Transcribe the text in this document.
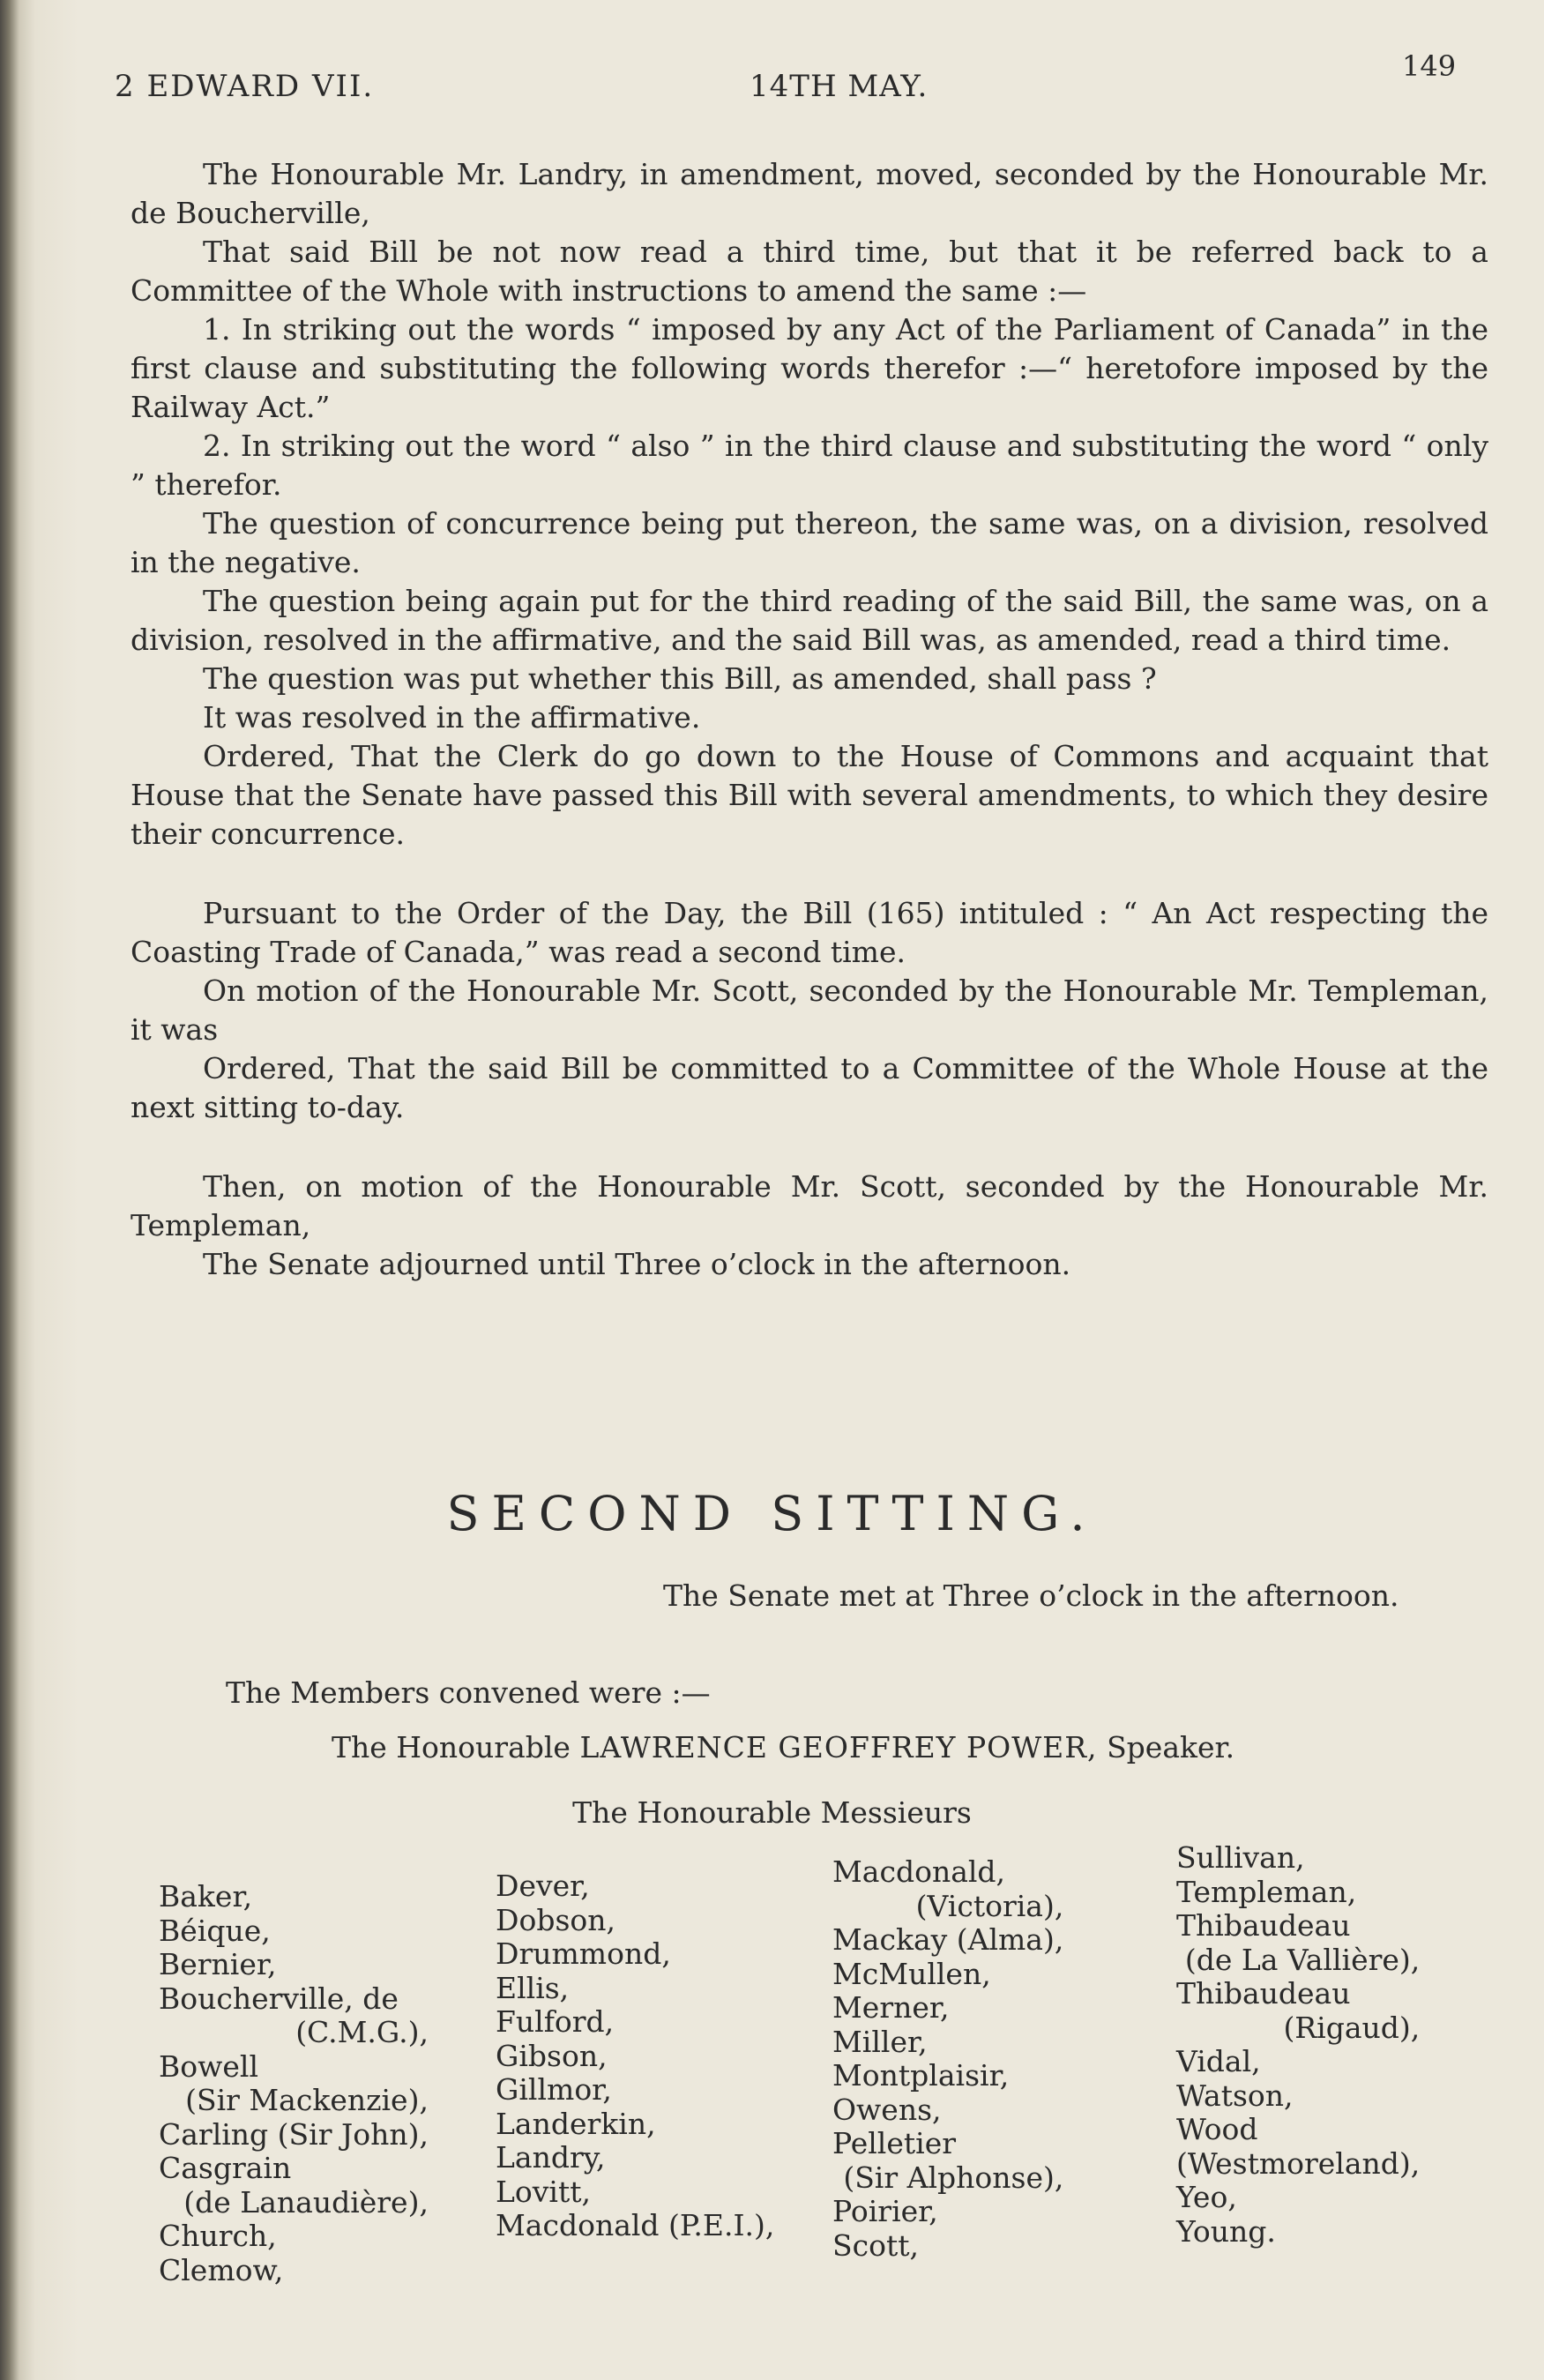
2 EDWARD VII.	14TH MAY.
149

The Honourable Mr. Landry, in amendment, moved, seconded by the Honourable Mr. de Boucherville,

That said Bill be not now read a third time, but that it be referred back to a Committee of the Whole with instructions to amend the same :—

1. In striking out the words “ imposed by any Act of the Parliament of Canada” in the first clause and substituting the following words therefor :—“ heretofore imposed by the Railway Act.”

2. In striking out the word “ also ” in the third clause and substituting the word “ only ” therefor.

The question of concurrence being put thereon, the same was, on a division, resolved in the negative.

The question being again put for the third reading of the said Bill, the same was, on a division, resolved in the affirmative, and the said Bill was, as amended, read a third time.

The question was put whether this Bill, as amended, shall pass ?

It was resolved in the affirmative.

Ordered, That the Clerk do go down to the House of Commons and acquaint that House that the Senate have passed this Bill with several amendments, to which they desire their concurrence.

Pursuant to the Order of the Day, the Bill (165) intituled : “ An Act respecting the Coasting Trade of Canada,” was read a second time.

On motion of the Honourable Mr. Scott, seconded by the Honourable Mr. Templeman, it was

Ordered, That the said Bill be committed to a Committee of the Whole House at the next sitting to-day.

Then, on motion of the Honourable Mr. Scott, seconded by the Honourable Mr. Templeman,

The Senate adjourned until Three o’clock in the afternoon.

SECOND SITTING.
The Senate met at Three o’clock in the afternoon.
The Members convened were :—
The Honourable LAWRENCE GEOFFREY POWER, Speaker.
The Honourable Messieurs
Baker,
Béique,
Bernier,
Boucherville, de
(C.M.G.),
Bowell
(Sir Mackenzie),
Carling (Sir John),
Casgrain
(de Lanaudière),
Church,
Clemow,
Dever,
Dobson,
Drummond,
Ellis,
Fulford,
Gibson,
Gillmor,
Landerkin,
Landry,
Lovitt,
Macdonald (P.E.I.),
Macdonald,
(Victoria),
Mackay (Alma),
McMullen,
Merner,
Miller,
Montplaisir,
Owens,
Pelletier
(Sir Alphonse),
Poirier,
Scott,
Sullivan,
Templeman,
Thibaudeau
(de La Vallière),
Thibaudeau
(Rigaud),
Vidal,
Watson,
Wood
(Westmoreland),
Yeo,
Young.
